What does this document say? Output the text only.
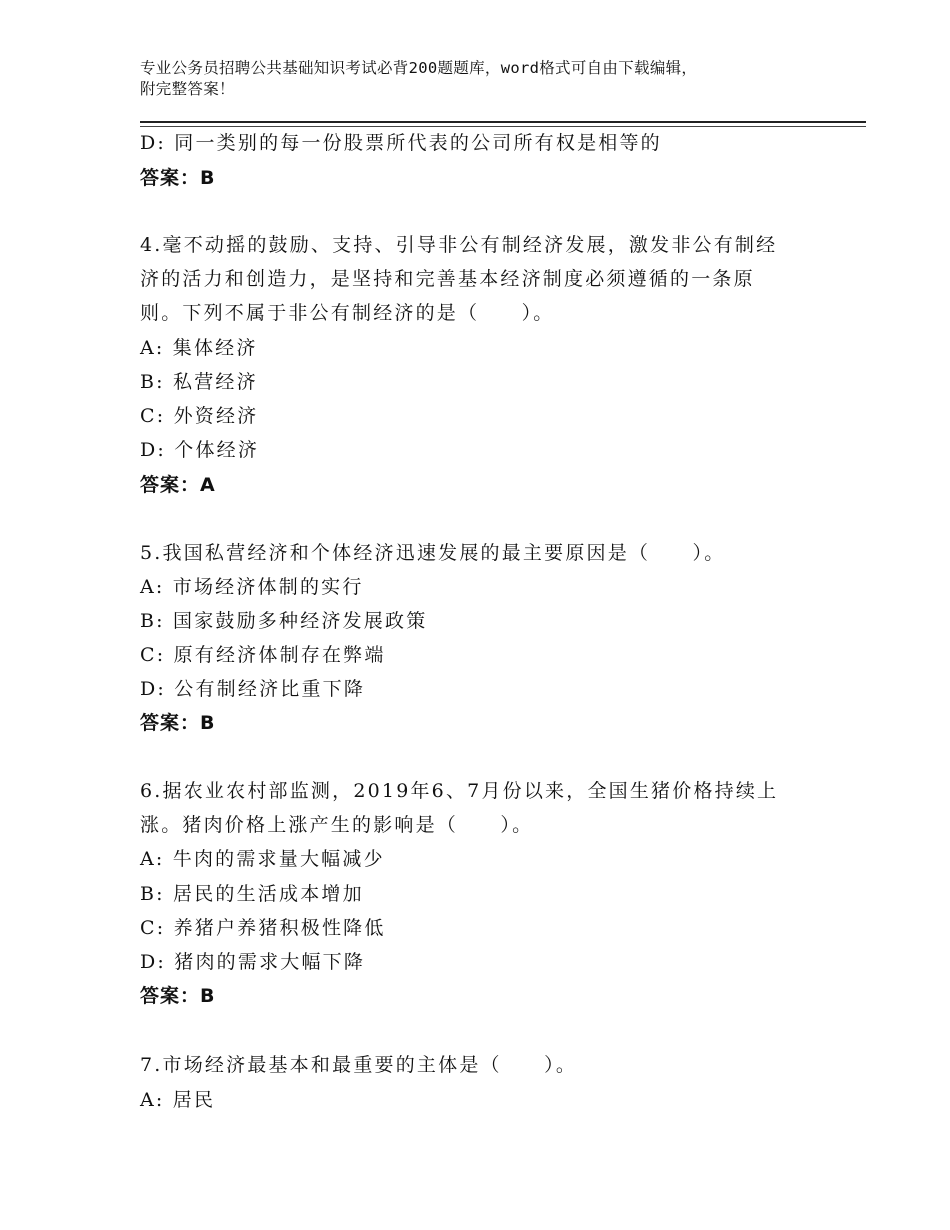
专业公务员招聘公共基础知识考试必背200题题库，word格式可自由下载编辑，
附完整答案！
D: 同一类别的每一份股票所代表的公司所有权是相等的
答案：B
4.毫不动摇的鼓励、支持、引导非公有制经济发展，激发非公有制经
济的活力和创造力，是坚持和完善基本经济制度必须遵循的一条原
则。下列不属于非公有制经济的是（　　）。
A: 集体经济
B: 私营经济
C: 外资经济
D: 个体经济
答案：A
5.我国私营经济和个体经济迅速发展的最主要原因是（　　）。
A: 市场经济体制的实行
B: 国家鼓励多种经济发展政策
C: 原有经济体制存在弊端
D: 公有制经济比重下降
答案：B
6.据农业农村部监测，2019年6、7月份以来，全国生猪价格持续上
涨。猪肉价格上涨产生的影响是（　　）。
A: 牛肉的需求量大幅减少
B: 居民的生活成本增加
C: 养猪户养猪积极性降低
D: 猪肉的需求大幅下降
答案：B
7.市场经济最基本和最重要的主体是（　　）。
A: 居民
